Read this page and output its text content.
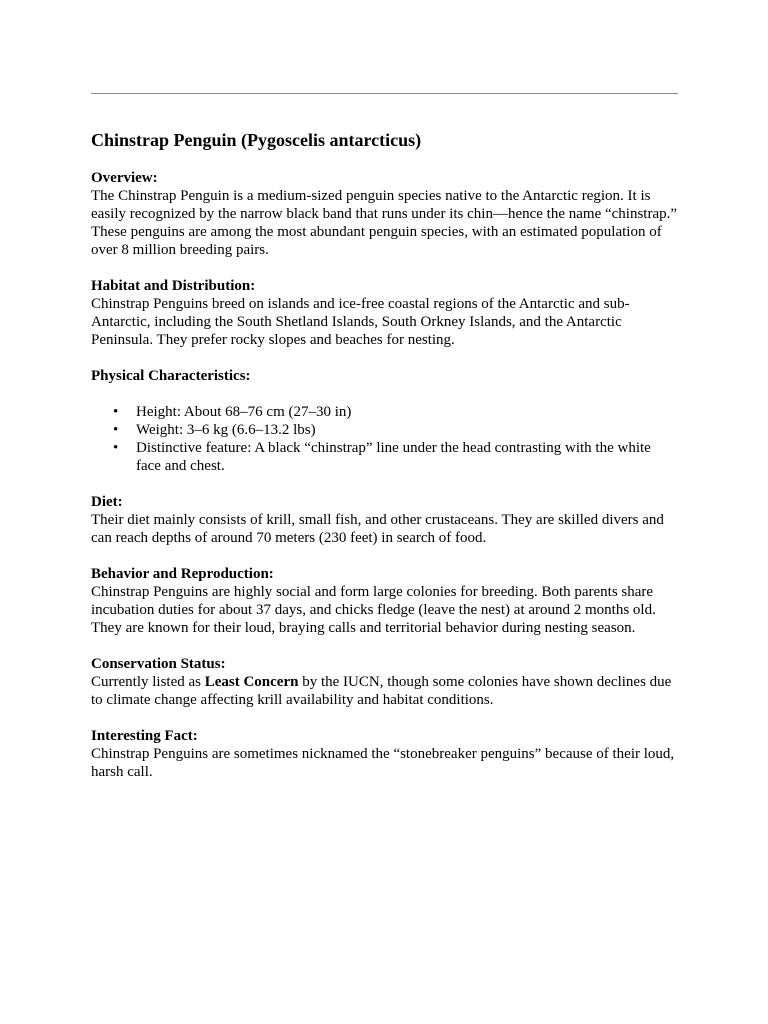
Chinstrap Penguin (Pygoscelis antarcticus)
Overview:

The Chinstrap Penguin is a medium-sized penguin species native to the Antarctic region. It is easily recognized by the narrow black band that runs under its chin—hence the name “chinstrap.” These penguins are among the most abundant penguin species, with an estimated population of over 8 million breeding pairs.

Habitat and Distribution:

Chinstrap Penguins breed on islands and ice-free coastal regions of the Antarctic and sub-Antarctic, including the South Shetland Islands, South Orkney Islands, and the Antarctic Peninsula. They prefer rocky slopes and beaches for nesting.

Physical Characteristics:
• Height: About 68–76 cm (27–30 in)
• Weight: 3–6 kg (6.6–13.2 lbs)
• Distinctive feature: A black “chinstrap” line under the head contrasting with the white face and chest.
Diet:

Their diet mainly consists of krill, small fish, and other crustaceans. They are skilled divers and can reach depths of around 70 meters (230 feet) in search of food.

Behavior and Reproduction:

Chinstrap Penguins are highly social and form large colonies for breeding. Both parents share incubation duties for about 37 days, and chicks fledge (leave the nest) at around 2 months old. They are known for their loud, braying calls and territorial behavior during nesting season.

Conservation Status:

Currently listed as Least Concern by the IUCN, though some colonies have shown declines due to climate change affecting krill availability and habitat conditions.

Interesting Fact:

Chinstrap Penguins are sometimes nicknamed the “stonebreaker penguins” because of their loud, harsh call.
